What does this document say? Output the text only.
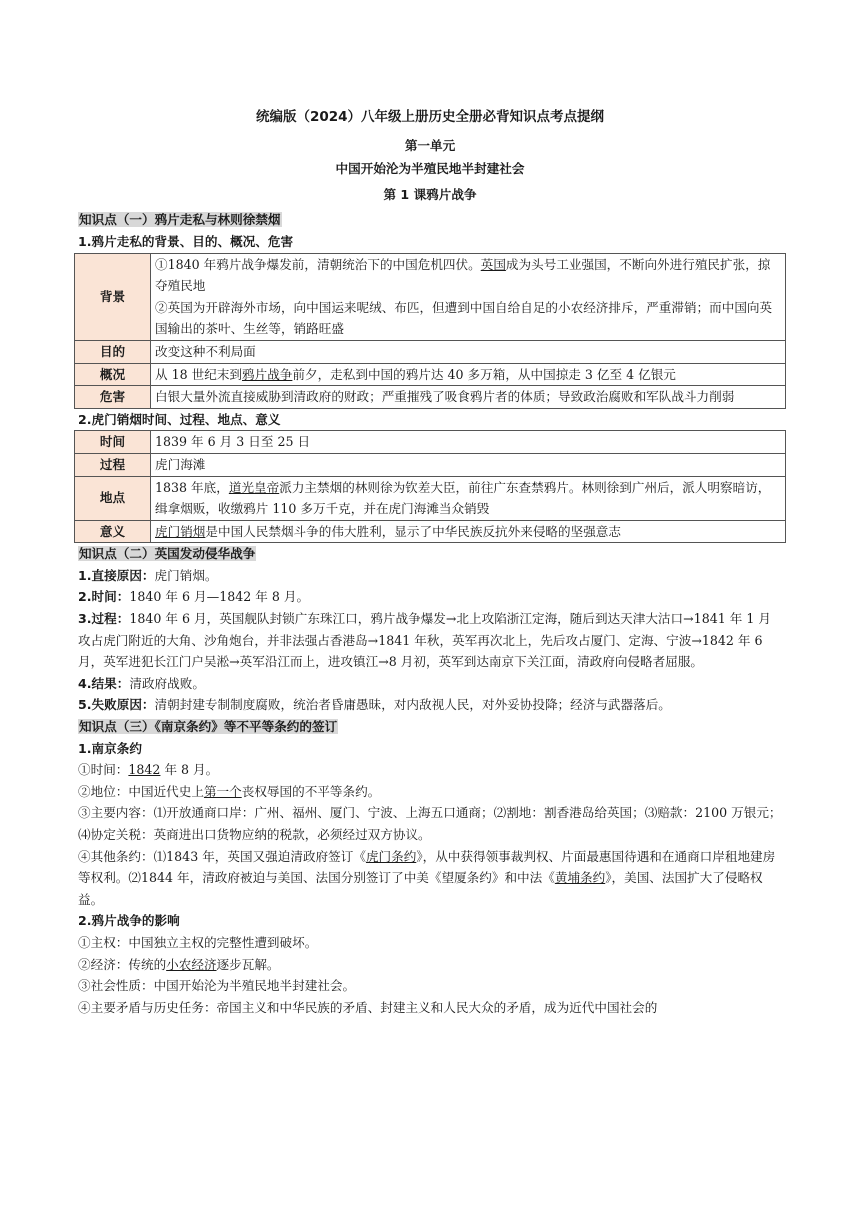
统编版（2024）八年级上册历史全册必背知识点考点提纲
第一单元
中国开始沦为半殖民地半封建社会
第 1 课鸦片战争
知识点（一）鸦片走私与林则徐禁烟
1.鸦片走私的背景、目的、概况、危害
背景	①1840 年鸦片战争爆发前，清朝统治下的中国危机四伏。英国成为头号工业强国，不断向外进行殖民扩张，掠夺殖民地
②英国为开辟海外市场，向中国运来呢绒、布匹，但遭到中国自给自足的小农经济排斥，严重滞销；而中国向英国输出的茶叶、生丝等，销路旺盛
目的	改变这种不利局面
概况	从 18 世纪末到鸦片战争前夕，走私到中国的鸦片达 40 多万箱，从中国掠走 3 亿至 4 亿银元
危害	白银大量外流直接威胁到清政府的财政；严重摧残了吸食鸦片者的体质；导致政治腐败和军队战斗力削弱
2.虎门销烟时间、过程、地点、意义
时间	1839 年 6 月 3 日至 25 日
过程	虎门海滩
地点	1838 年底，道光皇帝派力主禁烟的林则徐为钦差大臣，前往广东查禁鸦片。林则徐到广州后，派人明察暗访，缉拿烟贩，收缴鸦片 110 多万千克，并在虎门海滩当众销毁
意义	虎门销烟是中国人民禁烟斗争的伟大胜利，显示了中华民族反抗外来侵略的坚强意志
知识点（二）英国发动侵华战争

1.直接原因：虎门销烟。

2.时间：1840 年 6 月—1842 年 8 月。

3.过程：1840 年 6 月，英国舰队封锁广东珠江口，鸦片战争爆发→北上攻陷浙江定海，随后到达天津大沽口→1841 年 1 月攻占虎门附近的大角、沙角炮台，并非法强占香港岛→1841 年秋，英军再次北上，先后攻占厦门、定海、宁波→1842 年 6 月，英军进犯长江门户吴淞→英军沿江而上，进攻镇江→8 月初，英军到达南京下关江面，清政府向侵略者屈服。

4.结果：清政府战败。

5.失败原因：清朝封建专制制度腐败，统治者昏庸愚昧，对内敌视人民，对外妥协投降；经济与武器落后。

知识点（三）《南京条约》等不平等条约的签订
1.南京条约

①时间：1842 年 8 月。

②地位：中国近代史上第一个丧权辱国的不平等条约。

③主要内容：⑴开放通商口岸：广州、福州、厦门、宁波、上海五口通商；⑵割地：割香港岛给英国；⑶赔款：2100 万银元；⑷协定关税：英商进出口货物应纳的税款，必须经过双方协议。

④其他条约：⑴1843 年，英国又强迫清政府签订《虎门条约》，从中获得领事裁判权、片面最惠国待遇和在通商口岸租地建房等权利。⑵1844 年，清政府被迫与美国、法国分别签订了中美《望厦条约》和中法《黄埔条约》，美国、法国扩大了侵略权益。

2.鸦片战争的影响

①主权：中国独立主权的完整性遭到破坏。

②经济：传统的小农经济逐步瓦解。

③社会性质：中国开始沦为半殖民地半封建社会。

④主要矛盾与历史任务：帝国主义和中华民族的矛盾、封建主义和人民大众的矛盾，成为近代中国社会的
